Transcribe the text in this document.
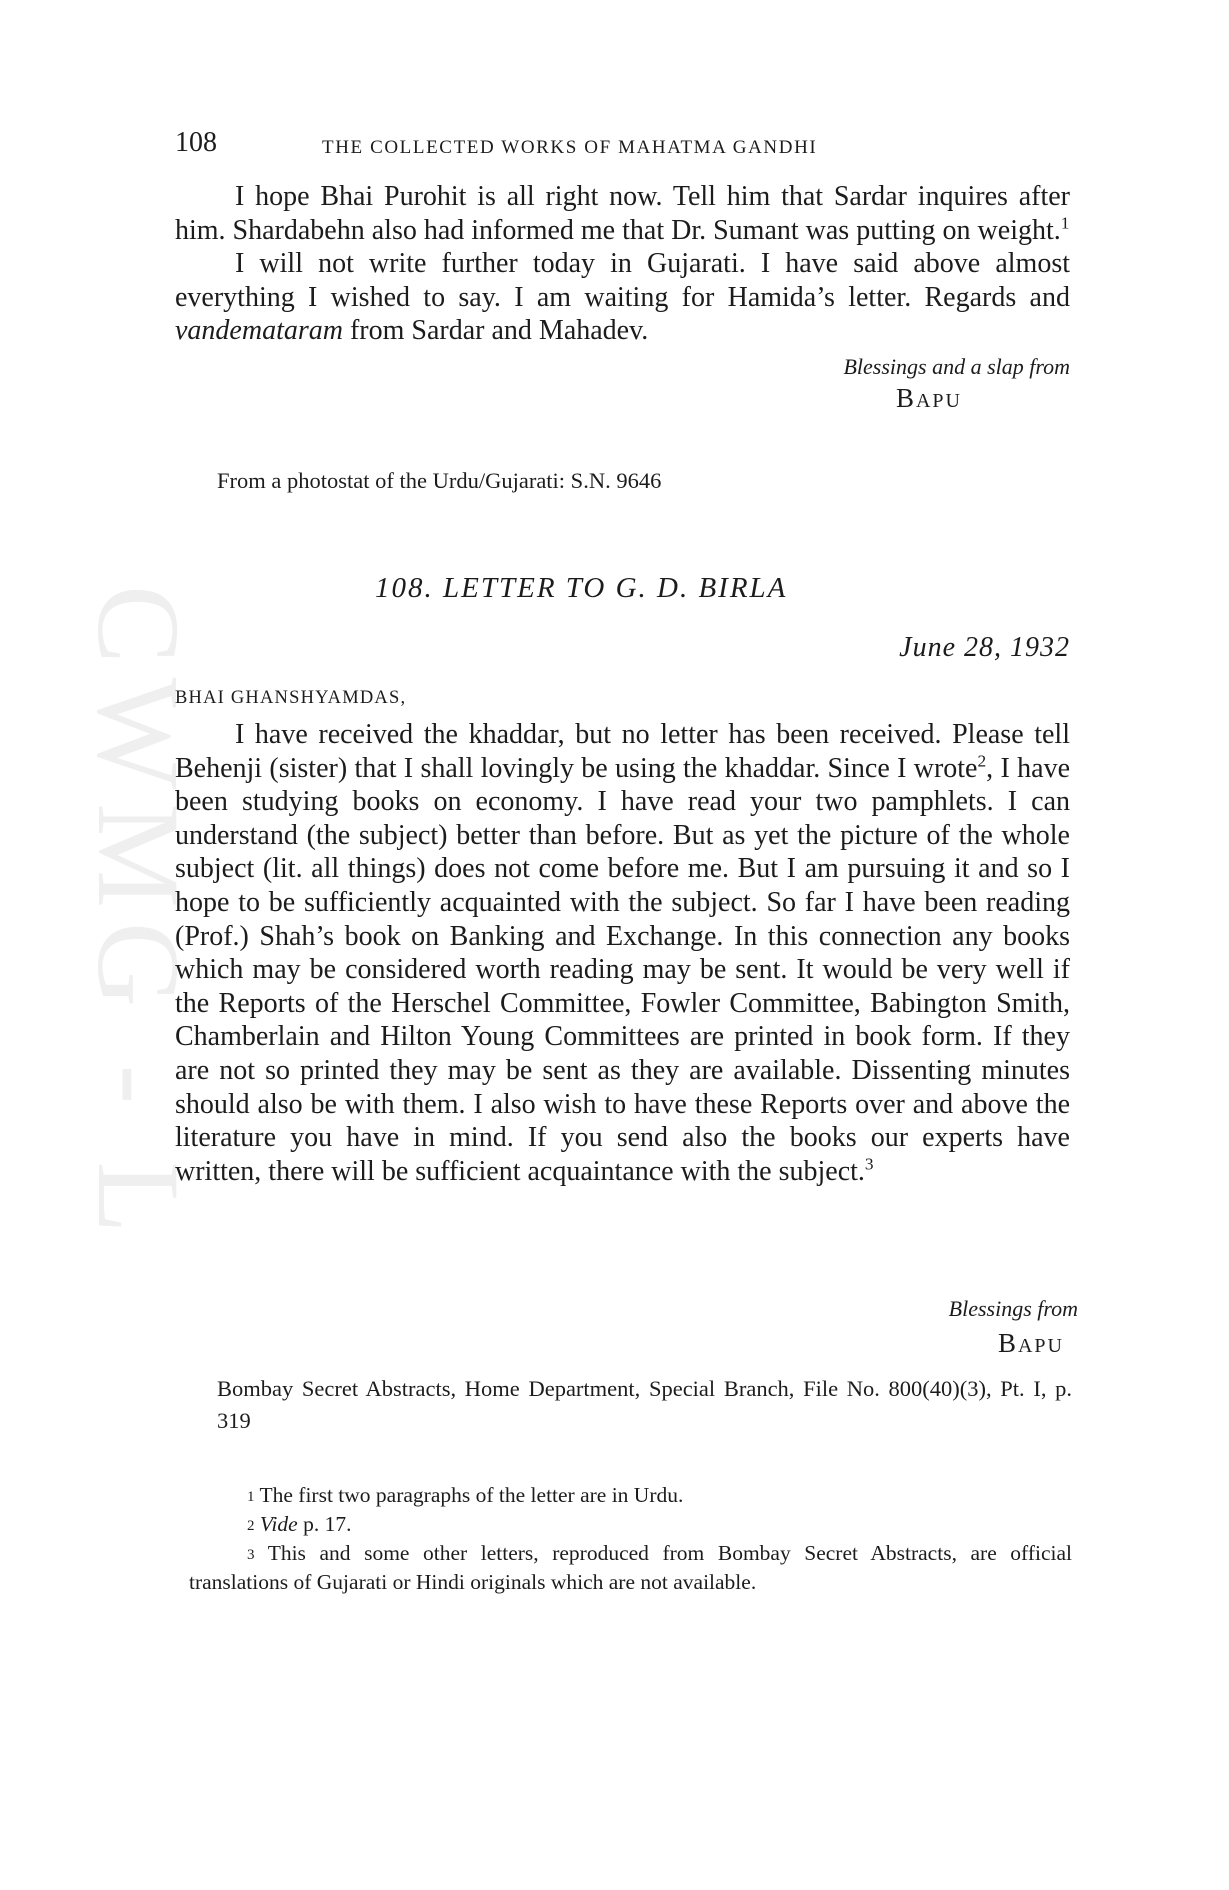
CWMG - L
108	THE COLLECTED WORKS OF MAHATMA GANDHI

I hope Bhai Purohit is all right now. Tell him that Sardar inquires after him. Shardabehn also had informed me that Dr. Sumant was putting on weight.$^1$

I will not write further today in Gujarati. I have said above almost everything I wished to say. I am waiting for Hamida’s letter. Regards and vandemataram from Sardar and Mahadev.

Blessings and a slap from
BAPU
From a photostat of the Urdu/Gujarati: S.N. 9646
108. LETTER TO G. D. BIRLA
June 28, 1932
BHAI GHANSHYAMDAS,

I have received the khaddar, but no letter has been received. Please tell Behenji (sister) that I shall lovingly be using the khaddar. Since I wrote$^2$, I have been studying books on economy. I have read your two pamphlets. I can understand (the subject) better than before. But as yet the picture of the whole subject (lit. all things) does not come before me. But I am pursuing it and so I hope to be sufficiently acquainted with the subject. So far I have been reading (Prof.) Shah’s book on Banking and Exchange. In this connection any books which may be considered worth reading may be sent. It would be very well if the Reports of the Herschel Committee, Fowler Committee, Babington Smith, Chamberlain and Hilton Young Committees are printed in book form. If they are not so printed they may be sent as they are available. Dissenting minutes should also be with them. I also wish to have these Reports over and above the literature you have in mind. If you send also the books our experts have written, there will be sufficient acquaintance with the subject.$^3$

Blessings from
BAPU
Bombay Secret Abstracts, Home Department, Special Branch, File No. 800(40)(3), Pt. I, p. 319
$^1$ The first two paragraphs of the letter are in Urdu.
$^2$ Vide p. 17.
$^3$ This and some other letters, reproduced from Bombay Secret Abstracts, are official translations of Gujarati or Hindi originals which are not available.
